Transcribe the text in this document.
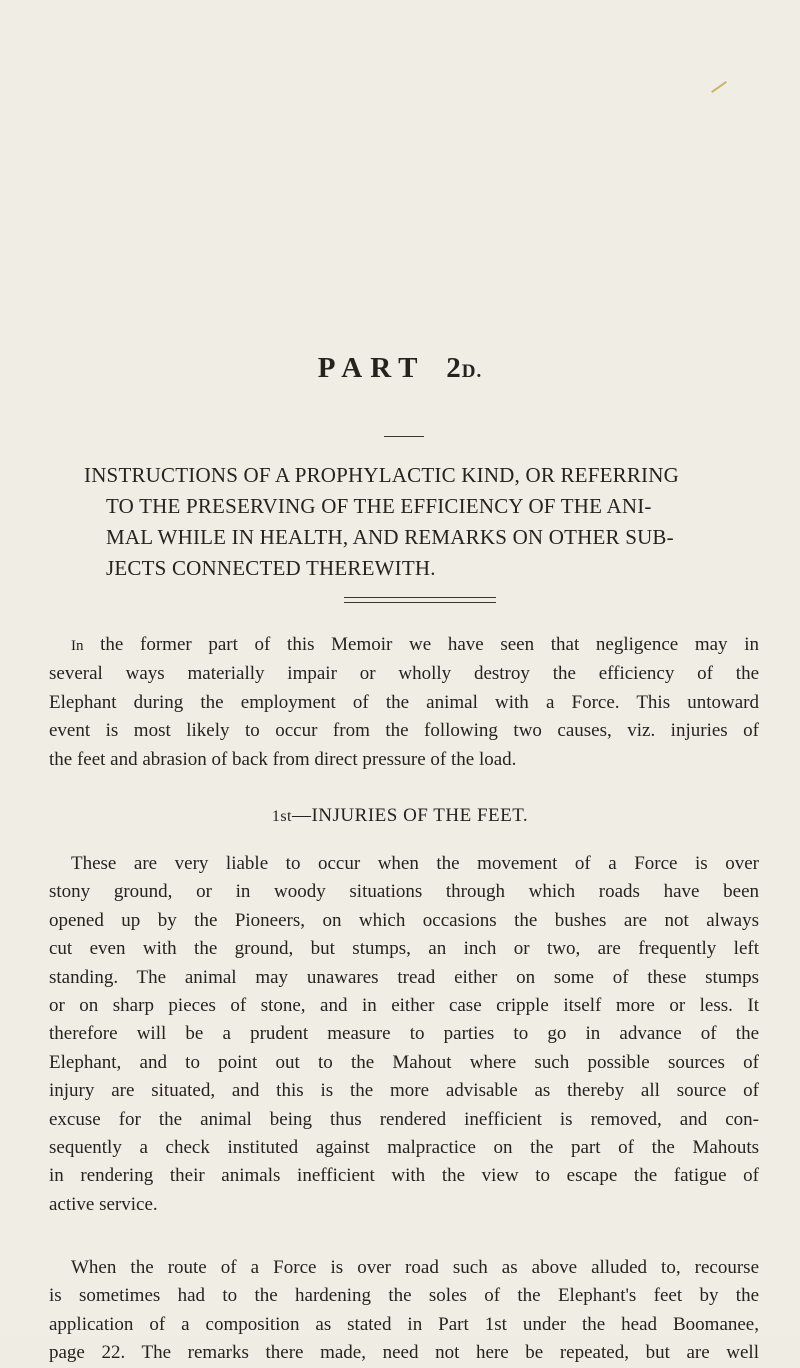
PART 2D.
INSTRUCTIONS OF A PROPHYLACTIC KIND, OR REFERRING
TO THE PRESERVING OF THE EFFICIENCY OF THE ANI-
MAL WHILE IN HEALTH, AND REMARKS ON OTHER SUB-
JECTS CONNECTED THEREWITH.
In the former part of this Memoir we have seen that negligence may in
several ways materially impair or wholly destroy the efficiency of the
Elephant during the employment of the animal with a Force. This untoward
event is most likely to occur from the following two causes, viz. injuries of
the feet and abrasion of back from direct pressure of the load.
1st—INJURIES OF THE FEET.
These are very liable to occur when the movement of a Force is over
stony ground, or in woody situations through which roads have been
opened up by the Pioneers, on which occasions the bushes are not always
cut even with the ground, but stumps, an inch or two, are frequently left
standing. The animal may unawares tread either on some of these stumps
or on sharp pieces of stone, and in either case cripple itself more or less. It
therefore will be a prudent measure to parties to go in advance of the
Elephant, and to point out to the Mahout where such possible sources of
injury are situated, and this is the more advisable as thereby all source of
excuse for the animal being thus rendered inefficient is removed, and con-
sequently a check instituted against malpractice on the part of the Mahouts
in rendering their animals inefficient with the view to escape the fatigue of
active service.
When the route of a Force is over road such as above alluded to, recourse
is sometimes had to the hardening the soles of the Elephant's feet by the
application of a composition as stated in Part 1st under the head Boomanee,
page 22. The remarks there made, need not here be repeated, but are well
